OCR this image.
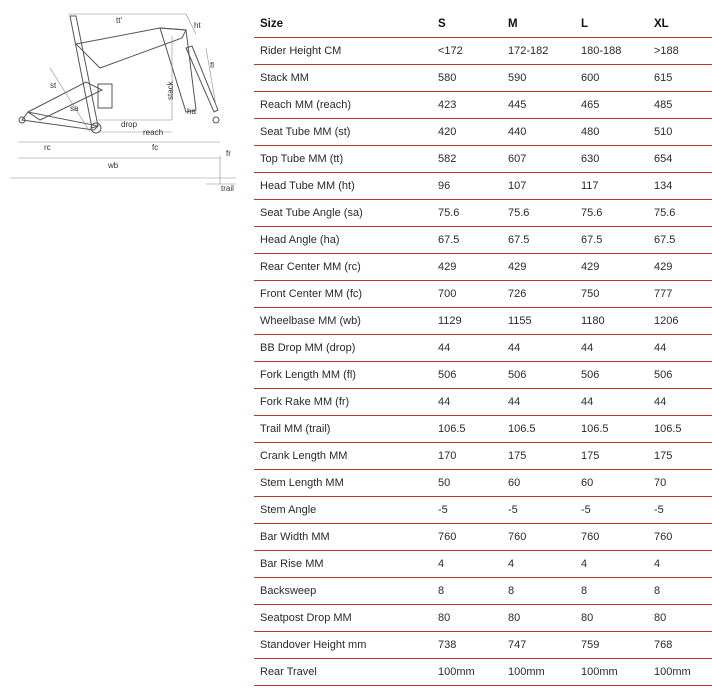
tt'
ht
st	stack
fl
sa	ha
drop
reach
rc	fc
fr
wb
trail
Size	S	M	L	XL
Rider Height CM	<172	172-182	180-188	>188
Stack MM	580	590	600	615
Reach MM (reach)	423	445	465	485
Seat Tube MM (st)	420	440	480	510
Top Tube MM (tt)	582	607	630	654
Head Tube MM (ht)	96	107	117	134
Seat Tube Angle (sa)	75.6	75.6	75.6	75.6
Head Angle (ha)	67.5	67.5	67.5	67.5
Rear Center MM (rc)	429	429	429	429
Front Center MM (fc)	700	726	750	777
Wheelbase MM (wb)	1129	1155	1180	1206
BB Drop MM (drop)	44	44	44	44
Fork Length MM (fl)	506	506	506	506
Fork Rake MM (fr)	44	44	44	44
Trail MM (trail)	106.5	106.5	106.5	106.5
Crank Length MM	170	175	175	175
Stem Length MM	50	60	60	70
Stem Angle	-5	-5	-5	-5
Bar Width MM	760	760	760	760
Bar Rise MM	4	4	4	4
Backsweep	8	8	8	8
Seatpost Drop MM	80	80	80	80
Standover Height mm	738	747	759	768
Rear Travel	100mm	100mm	100mm	100mm
